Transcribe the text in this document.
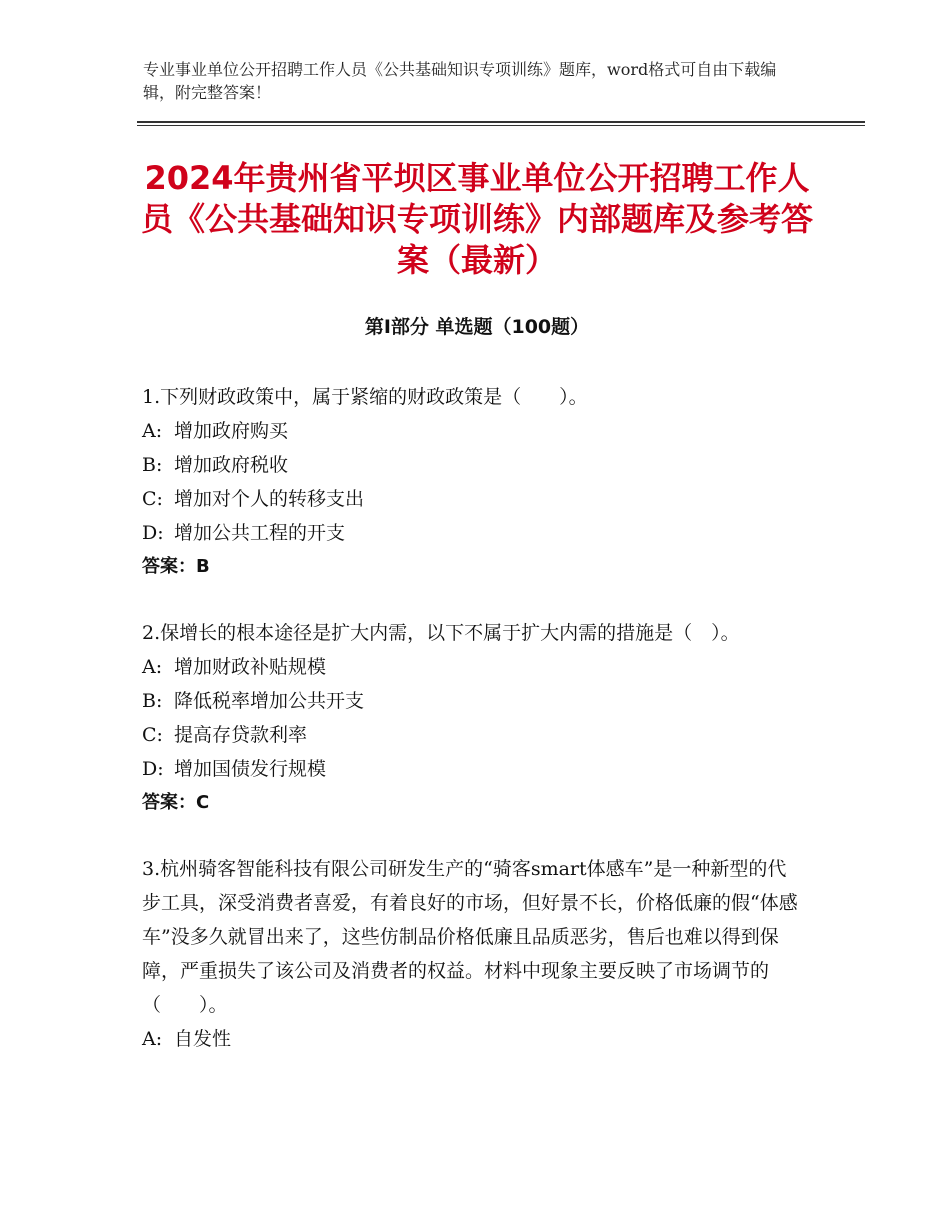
专业事业单位公开招聘工作人员《公共基础知识专项训练》题库，word格式可自由下载编辑，附完整答案！
2024年贵州省平坝区事业单位公开招聘工作人员《公共基础知识专项训练》内部题库及参考答案（最新）
第Ⅰ部分 单选题（100题）

1.下列财政政策中，属于紧缩的财政政策是（　　）。

A: 增加政府购买

B: 增加政府税收

C: 增加对个人的转移支出

D: 增加公共工程的开支

答案：B

2.保增长的根本途径是扩大内需，以下不属于扩大内需的措施是（　）。

A: 增加财政补贴规模

B: 降低税率增加公共开支

C: 提高存贷款利率

D: 增加国债发行规模

答案：C

3.杭州骑客智能科技有限公司研发生产的“骑客smart体感车”是一种新型的代步工具，深受消费者喜爱，有着良好的市场，但好景不长，价格低廉的假“体感车”没多久就冒出来了，这些仿制品价格低廉且品质恶劣，售后也难以得到保障，严重损失了该公司及消费者的权益。材料中现象主要反映了市场调节的（　　）。

A: 自发性
